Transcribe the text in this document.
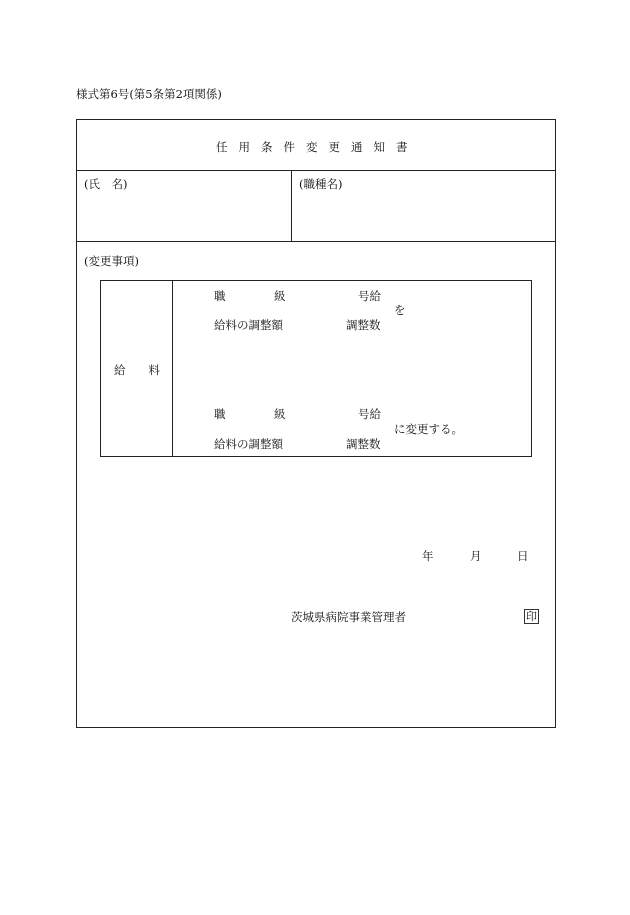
様式第6号(第5条第2項関係)
任用条件変更通知書
(氏　名)	(職種名)
(変更事項)
給　　料
職	級	号給
を
給料の調整額	調整数
職	級	号給
に変更する。
給料の調整額	調整数
年	月	日
茨城県病院事業管理者	印
